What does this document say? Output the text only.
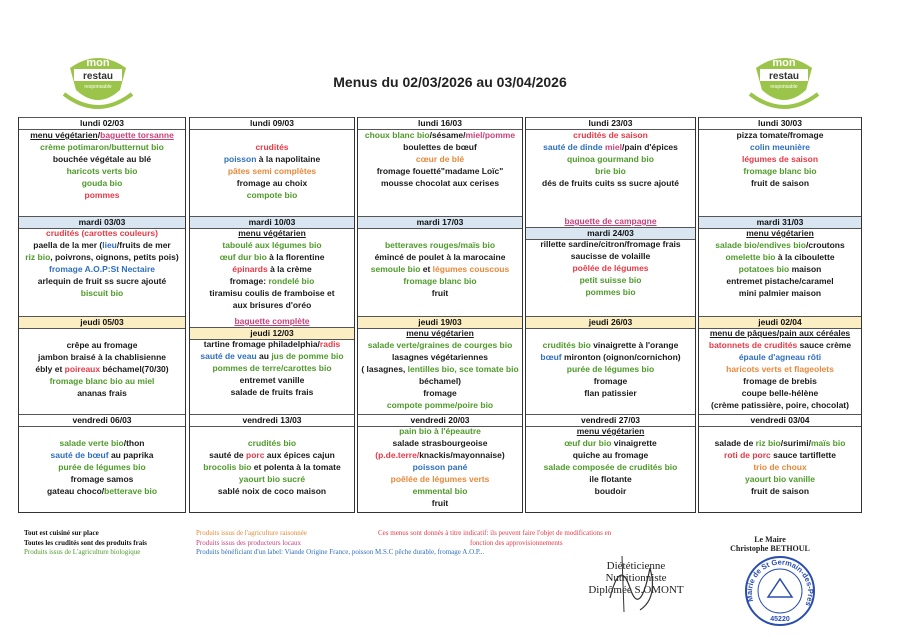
mon
restau
responsable
mon
restau
responsable
Menus du 02/03/2026 au 03/04/2026
lundi 02/03
menu végétarien/baguette torsanne
crème potimaron/butternut bio
bouchée végétale au blé
haricots verts bio
gouda bio
pommes
mardi 03/03
crudités (carottes couleurs)
paella de la mer (lieu/fruits de mer
riz bio, poivrons, oignons, petits pois)
fromage A.O.P:St Nectaire
arlequin de fruit ss sucre ajouté
biscuit bio
jeudi 05/03

crêpe au fromage
jambon braisé à la chablisienne
ébly et poireaux béchamel(70/30)
fromage blanc bio au miel
ananas frais
vendredi 06/03

salade verte bio/thon
sauté de bœuf au paprika
purée de légumes bio
fromage samos
gateau choco/betterave bio
lundi 09/03

crudités
poisson à la napolitaine
pâtes semi complètes
fromage au choix
compote bio
mardi 10/03
menu végétarien
taboulé aux légumes bio
œuf dur bio à la florentine
épinards à la crème
fromage: rondelé bio
tiramisu coulis de framboise et
aux brisures d'oréo
baguette complète
jeudi 12/03
tartine fromage philadelphia/radis
sauté de veau au jus de pomme bio
pommes de terre/carottes bio
entremet vanille
salade de fruits frais
vendredi 13/03

crudités bio
sauté de porc aux épices cajun
brocolis bio et polenta à la tomate
yaourt bio sucré
sablé noix de coco maison
lundi 16/03
choux blanc bio/sésame/miel/pomme
boulettes de bœuf
cœur de blé
fromage fouetté"madame Loïc"
mousse chocolat aux cerises
mardi 17/03

betteraves rouges/maïs bio
émincé de poulet à la marocaine
semoule bio et légumes couscous
fromage blanc bio
fruit
jeudi 19/03
menu végétarien
salade verte/graines de courges bio
lasagnes végétariennes
( lasagnes, lentilles bio, sce tomate bio
béchamel)
fromage
compote pomme/poire bio
vendredi 20/03
pain bio à l'épeautre
salade strasbourgeoise
(p.de.terre/knackis/mayonnaise)
poisson pané
poêlée de légumes verts
emmental bio
fruit
lundi 23/03
crudités de saison
sauté de dinde miel/pain d'épices
quinoa gourmand bio
brie bio
dés de fruits cuits ss sucre ajouté
baguette de campagne
mardi 24/03
rillette sardine/citron/fromage frais
saucisse de volaille
poêlée de légumes
petit suisse bio
pommes bio
jeudi 26/03

crudités bio vinaigrette à l'orange
bœuf mironton (oignon/cornichon)
purée de légumes bio
fromage
flan patissier
vendredi 27/03
menu végétarien
œuf dur bio vinaigrette
quiche au fromage
salade composée de crudités bio
ile flotante
boudoir
lundi 30/03
pizza tomate/fromage
colin meunière
légumes de saison
fromage blanc bio
fruit de saison
mardi 31/03
menu végétarien
salade bio/endives bio/croutons
omelette bio à la ciboulette
potatoes bio maison
entremet pistache/caramel
mini palmier maison
jeudi 02/04
menu de pâques/pain aux céréales
batonnets de crudités sauce crème
épaule d'agneau rôti
haricots verts et flageolets
fromage de brebis
coupe belle-hélène
(crème patissière, poire, chocolat)
vendredi 03/04

salade de riz bio/surimi/maïs bio
roti de porc sauce tartiflette
trio de choux
yaourt bio vanille
fruit de saison
Tout est cuisiné sur place
Toutes les crudités sont des produits frais
Produits issus de L'agriculture biologique
Produits issus de l'agriculture raisonnée
Produits issus des producteurs locaux
Produits bénéficiant d'un label: Viande Origine France, poisson M.S.C pêche durable, fromage A.O.P...
Ces menus sont donnés à titre indicatif: ils peuvent faire l'objet de modifications en
fonction des approvisionnements
Diététicienne Nutritionniste
Diplômée S.OMONT
Le Maire
Christophe BETHOUL
Mairie de St Germain-des-Prés
45220
